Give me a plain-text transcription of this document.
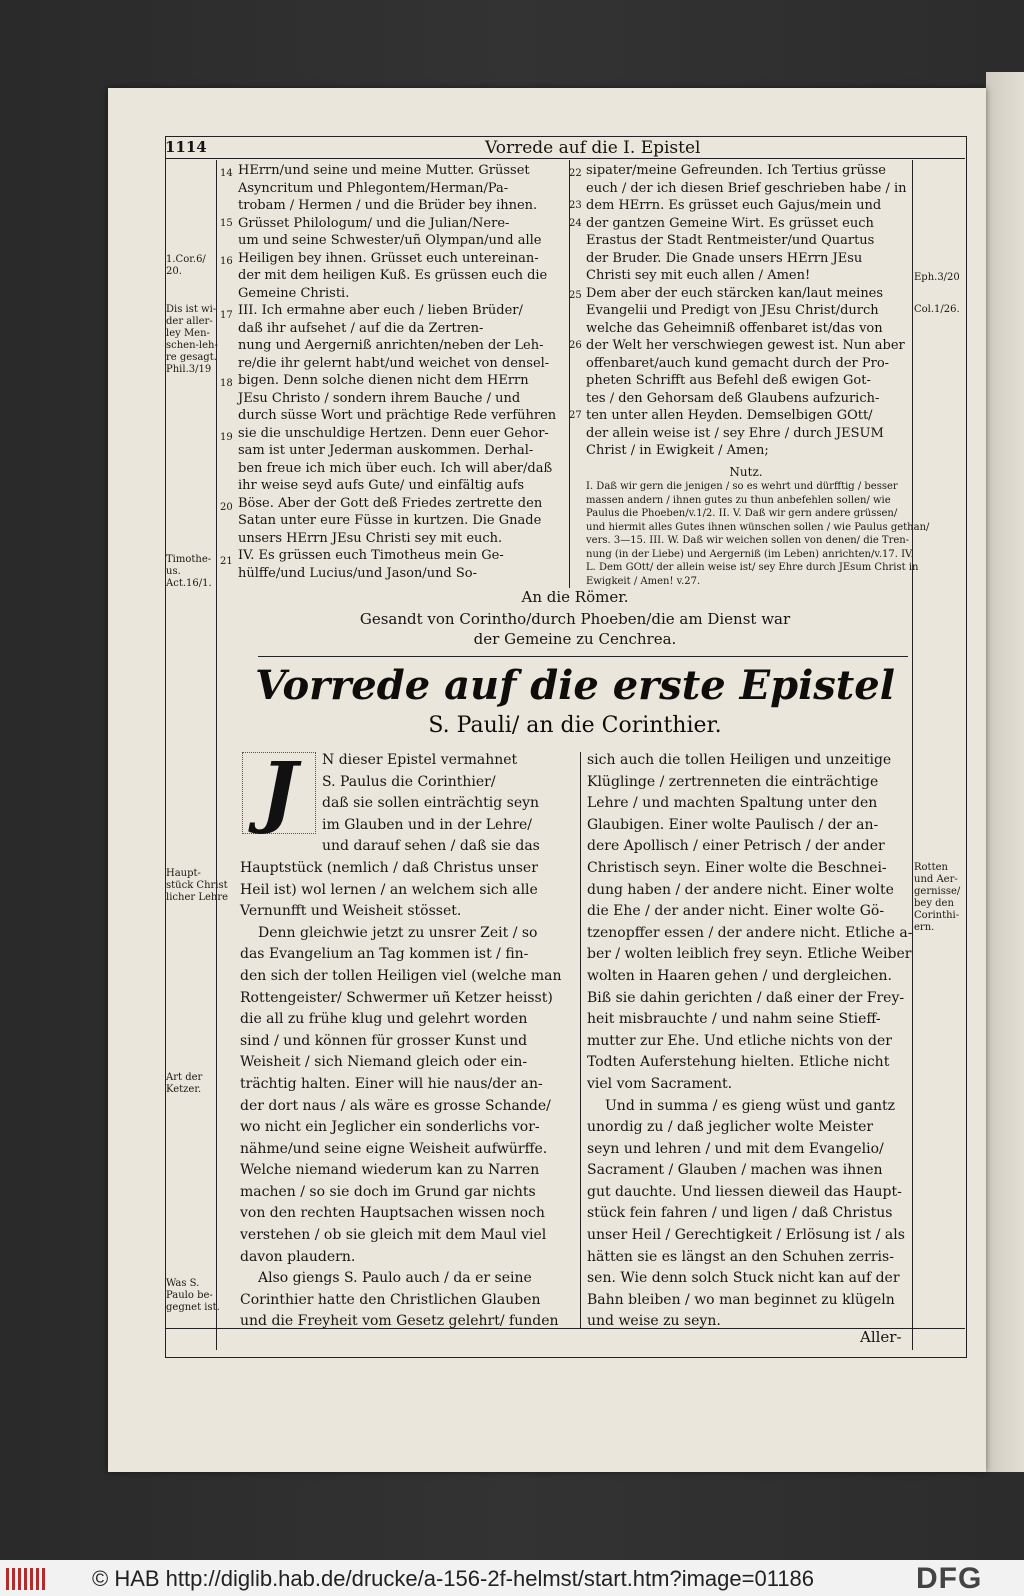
1114	Vorrede auf die I. Epistel
1.Cor.6/
20.
Dis ist wi-
der aller-
ley Men-
schen-leh-
re gesagt.
Phil.3/19
Timothe-
us.
Act.16/1.
Haupt-
stück Christ
licher Lehre
Art der
Ketzer.
Was S.
Paulo be-
gegnet ist.
Eph.3/20
Col.1/26.
Rotten
und Aer-
gernisse/
bey den
Corinthi-
ern.
14
15
16
17
18
19
20
21
22
23
24
25
26
27

HErrn/und seine und meine Mutter. Grüsset

Asyncritum und Phlegontem/Herman/Pa-

trobam / Hermen / und die Brüder bey ihnen.

Grüsset Philologum/ und die Julian/Nere-

um und seine Schwester/uñ Olympan/und alle

Heiligen bey ihnen. Grüsset euch untereinan-

der mit dem heiligen Kuß. Es grüssen euch die

Gemeine Christi.

III. Ich ermahne aber euch / lieben Brüder/

daß ihr aufsehet / auf die da Zertren-

nung und Aergerniß anrichten/neben der Leh-

re/die ihr gelernt habt/und weichet von densel-

bigen. Denn solche dienen nicht dem HErrn

JEsu Christo / sondern ihrem Bauche / und

durch süsse Wort und prächtige Rede verführen

sie die unschuldige Hertzen. Denn euer Gehor-

sam ist unter Jederman auskommen. Derhal-

ben freue ich mich über euch. Ich will aber/daß

ihr weise seyd aufs Gute/ und einfältig aufs

Böse. Aber der Gott deß Friedes zertrette den

Satan unter eure Füsse in kurtzen. Die Gnade

unsers HErrn JEsu Christi sey mit euch.

IV. Es grüssen euch Timotheus mein Ge-

hülffe/und Lucius/und Jason/und So-

sipater/meine Gefreunden. Ich Tertius grüsse

euch / der ich diesen Brief geschrieben habe / in

dem HErrn. Es grüsset euch Gajus/mein und

der gantzen Gemeine Wirt. Es grüsset euch

Erastus der Stadt Rentmeister/und Quartus

der Bruder. Die Gnade unsers HErrn JEsu

Christi sey mit euch allen / Amen!

Dem aber der euch stärcken kan/laut meines

Evangelii und Predigt von JEsu Christ/durch

welche das Geheimniß offenbaret ist/das von

der Welt her verschwiegen gewest ist. Nun aber

offenbaret/auch kund gemacht durch der Pro-

pheten Schrifft aus Befehl deß ewigen Got-

tes / den Gehorsam deß Glaubens aufzurich-

ten unter allen Heyden. Demselbigen GOtt/

der allein weise ist / sey Ehre / durch JESUM

Christ / in Ewigkeit / Amen;

Nutz.
I. Daß wir gern die jenigen / so es wehrt und dürfftig / besser
massen andern / ihnen gutes zu thun anbefehlen sollen/ wie
Paulus die Phoeben/v.1/2. II. V. Daß wir gern andere grüssen/
und hiermit alles Gutes ihnen wünschen sollen / wie Paulus gethan/
vers. 3—15. III. W. Daß wir weichen sollen von denen/ die Tren-
nung (in der Liebe) und Aergerniß (im Leben) anrichten/v.17. IV.
L. Dem GOtt/ der allein weise ist/ sey Ehre durch JEsum Christ in
Ewigkeit / Amen! v.27.
An die Römer.
Gesandt von Corintho/durch Phoeben/die am Dienst war
der Gemeine zu Cenchrea.
Vorrede auf die erste Epistel
S. Pauli/ an die Corinthier.
J	N dieser Epistel vermahnet

S. Paulus die Corinthier/

daß sie sollen einträchtig seyn

im Glauben und in der Lehre/

und darauf sehen / daß sie das

Hauptstück (nemlich / daß Christus unser

Heil ist) wol lernen / an welchem sich alle

Vernunfft und Weisheit stösset.

Denn gleichwie jetzt zu unsrer Zeit / so

das Evangelium an Tag kommen ist / fin-

den sich der tollen Heiligen viel (welche man

Rottengeister/ Schwermer uñ Ketzer heisst)

die all zu frühe klug und gelehrt worden

sind / und können für grosser Kunst und

Weisheit / sich Niemand gleich oder ein-

trächtig halten. Einer will hie naus/der an-

der dort naus / als wäre es grosse Schande/

wo nicht ein Jeglicher ein sonderlichs vor-

nähme/und seine eigne Weisheit aufwürffe.

Welche niemand wiederum kan zu Narren

machen / so sie doch im Grund gar nichts

von den rechten Hauptsachen wissen noch

verstehen / ob sie gleich mit dem Maul viel

davon plaudern.

Also giengs S. Paulo auch / da er seine

Corinthier hatte den Christlichen Glauben

und die Freyheit vom Gesetz gelehrt/ funden

sich auch die tollen Heiligen und unzeitige

Klüglinge / zertrenneten die einträchtige

Lehre / und machten Spaltung unter den

Glaubigen. Einer wolte Paulisch / der an-

dere Apollisch / einer Petrisch / der ander

Christisch seyn. Einer wolte die Beschnei-

dung haben / der andere nicht. Einer wolte

die Ehe / der ander nicht. Einer wolte Gö-

tzenopffer essen / der andere nicht. Etliche a-

ber / wolten leiblich frey seyn. Etliche Weiber

wolten in Haaren gehen / und dergleichen.

Biß sie dahin gerichten / daß einer der Frey-

heit misbrauchte / und nahm seine Stieff-

mutter zur Ehe. Und etliche nichts von der

Todten Auferstehung hielten. Etliche nicht

viel vom Sacrament.

Und in summa / es gieng wüst und gantz

unordig zu / daß jeglicher wolte Meister

seyn und lehren / und mit dem Evangelio/

Sacrament / Glauben / machen was ihnen

gut dauchte. Und liessen dieweil das Haupt-

stück fein fahren / und ligen / daß Christus

unser Heil / Gerechtigkeit / Erlösung ist / als

hätten sie es längst an den Schuhen zerris-

sen. Wie denn solch Stuck nicht kan auf der

Bahn bleiben / wo man beginnet zu klügeln

und weise zu seyn.

Aller-
© HAB http://diglib.hab.de/drucke/a-156-2f-helmst/start.htm?image=01186	DFG
